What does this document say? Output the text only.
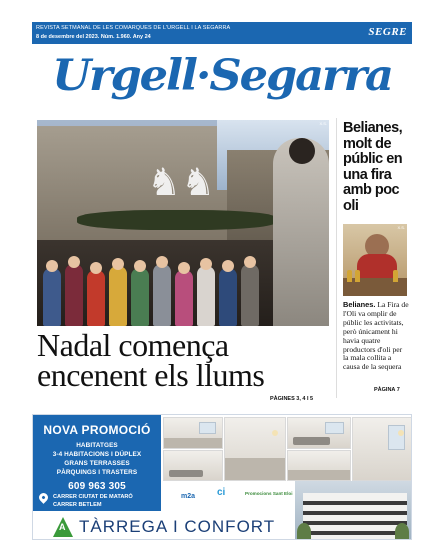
REVISTA SETMANAL DE LES COMARQUES DE L'URGELL I LA SEGARRA
8 de desembre del 2023. Núm. 1.960. Any 24	SEGRE
Urgell·Segarra
♞♞
X.S.
Nadal comença
encenent els llums
PÀGINES 3, 4 I 5
Belianes, molt de públic en una fira amb poc oli
X.S.
Belianes. La Fira de l'Oli va omplir de públic les activitats, però únicament hi havia quatre productors d'oli per la mala collita a causa de la sequera
PÀGINA 7
NOVA PROMOCIÓ
HABITATGES
3-4 HABITACIONS I DÚPLEX
GRANS TERRASSES
PÀRQUINGS I TRASTERS
609 963 305
CARRER CIUTAT DE MATARÓ
CARRER BETLEM
m2a ci	Promocions Sant Eloi
A TÀRREGA I CONFORT
